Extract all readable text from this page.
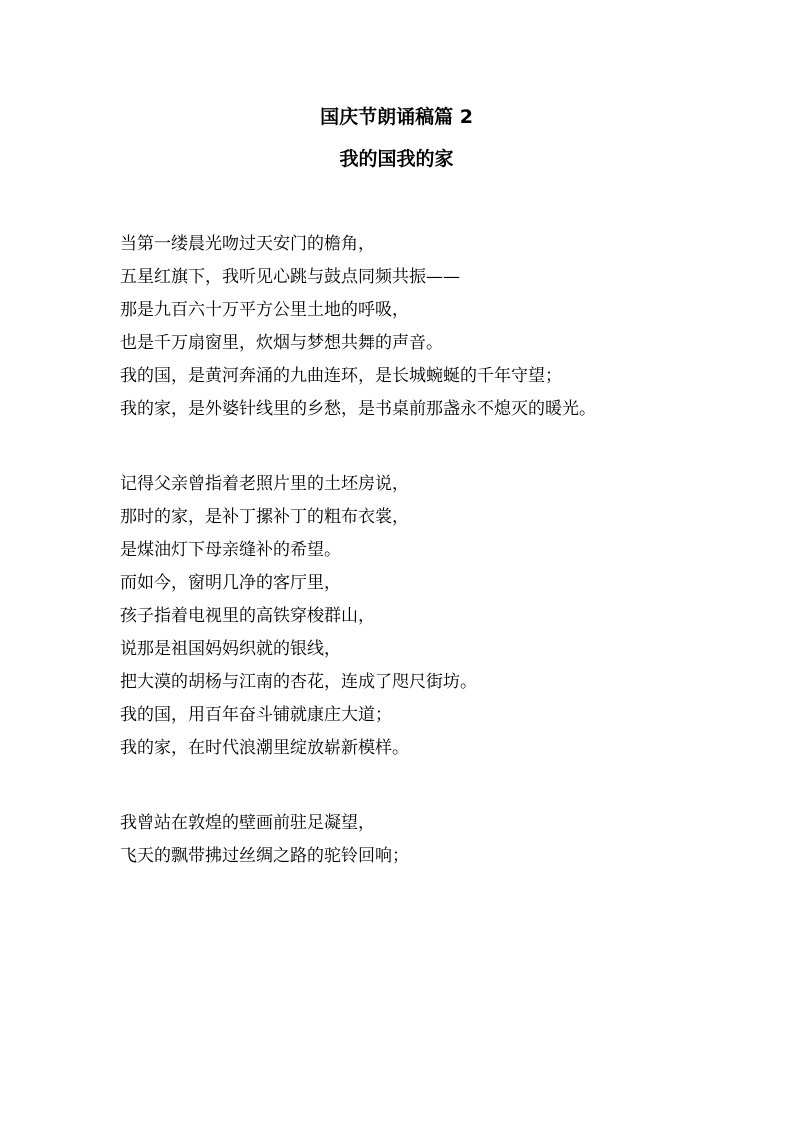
国庆节朗诵稿篇 2
我的国我的家

当第一缕晨光吻过天安门的檐角，

五星红旗下，我听见心跳与鼓点同频共振——

那是九百六十万平方公里土地的呼吸，

也是千万扇窗里，炊烟与梦想共舞的声音。

我的国，是黄河奔涌的九曲连环，是长城蜿蜒的千年守望；

我的家，是外婆针线里的乡愁，是书桌前那盏永不熄灭的暖光。

记得父亲曾指着老照片里的土坯房说，

那时的家，是补丁摞补丁的粗布衣裳，

是煤油灯下母亲缝补的希望。

而如今，窗明几净的客厅里，

孩子指着电视里的高铁穿梭群山，

说那是祖国妈妈织就的银线，

把大漠的胡杨与江南的杏花，连成了咫尺街坊。

我的国，用百年奋斗铺就康庄大道；

我的家，在时代浪潮里绽放崭新模样。

我曾站在敦煌的壁画前驻足凝望，

飞天的飘带拂过丝绸之路的驼铃回响；
